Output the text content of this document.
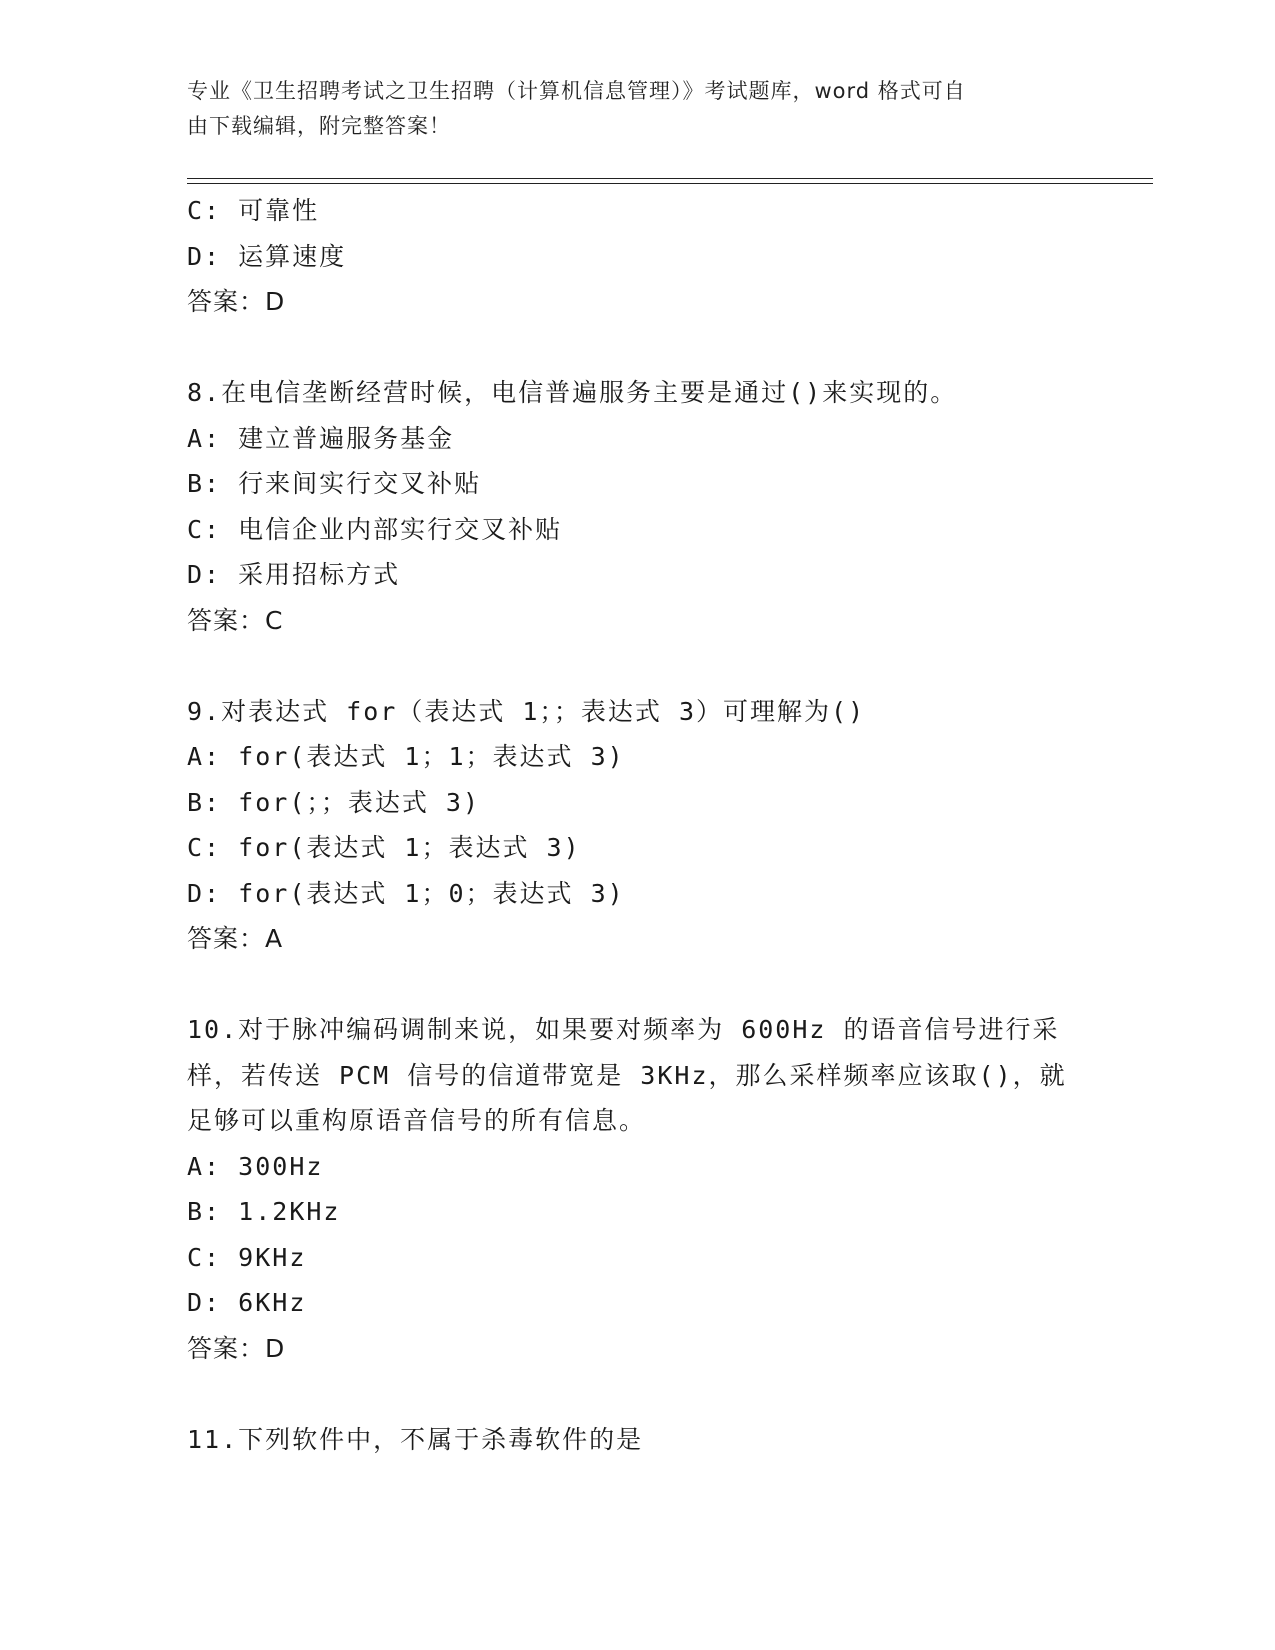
专业《卫生招聘考试之卫生招聘（计算机信息管理）》考试题库，word 格式可自
由下载编辑，附完整答案！
C: 可靠性
D: 运算速度
答案：D
8.在电信垄断经营时候，电信普遍服务主要是通过()来实现的。
A: 建立普遍服务基金
B: 行来间实行交叉补贴
C: 电信企业内部实行交叉补贴
D: 采用招标方式
答案：C
9.对表达式 for（表达式 1；；表达式 3）可理解为()
A: for(表达式 1；1；表达式 3)
B: for(；；表达式 3)
C: for(表达式 1；表达式 3)
D: for(表达式 1；0；表达式 3)
答案：A
10.对于脉冲编码调制来说，如果要对频率为 600Hz 的语音信号进行采
样，若传送 PCM 信号的信道带宽是 3KHz，那么采样频率应该取()，就
足够可以重构原语音信号的所有信息。
A: 300Hz
B: 1.2KHz
C: 9KHz
D: 6KHz
答案：D
11.下列软件中，不属于杀毒软件的是
